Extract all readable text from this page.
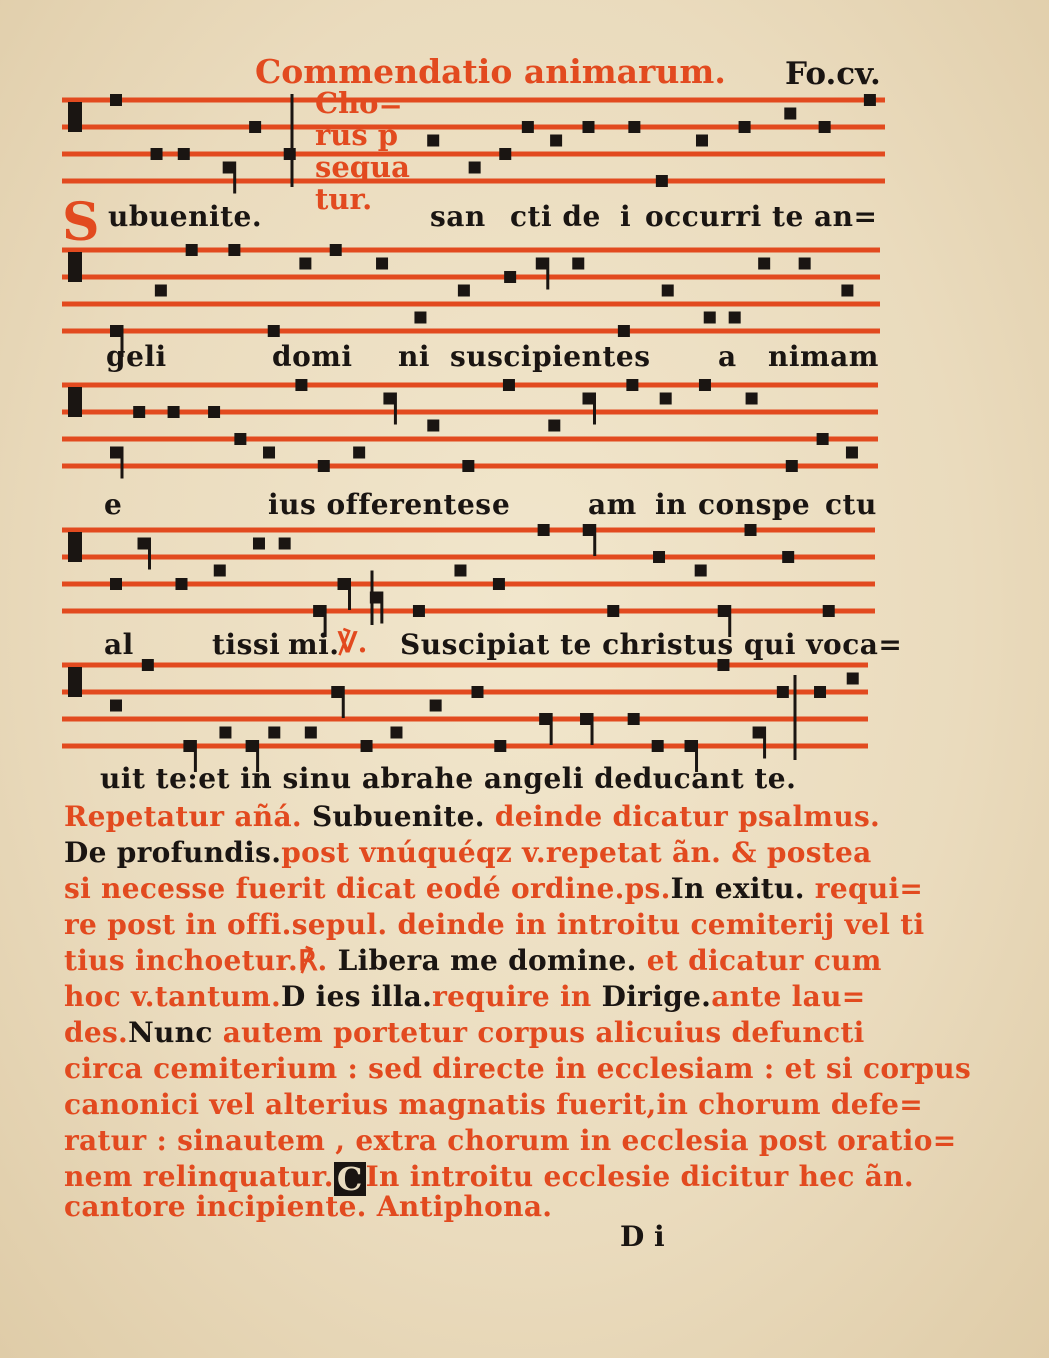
Commendatio animarum. Fo.cv.
Cho=
rus p
sequa
tur.
S ubuenite.	san cti de i occurri te an=
geli	domi ni suscipientes a nimam
e	ius offerentes e	am in conspe ctu
al	tissi mi.
℣. Suscipiat te christus qui voca=
uit te:et in sinu abrahe angeli deducant te.
Repetatur añá. Subuenite. deinde dicatur psalmus.
De profundis.post vnúquéqz v.repetat ãn. & postea
si necesse fuerit dicat eodé ordine.ps.In exitu. requi=
re post in offi.sepul. deinde in introitu cemiterij vel ti
tius inchoetur.℟. Libera me domine. et dicatur cum
hoc v.tantum.D ies illa.require in Dirige.ante lau=
des.Nunc autem portetur corpus alicuius defuncti
circa cemiterium : sed directe in ecclesiam : et si corpus
canonici vel alterius magnatis fuerit,in chorum defe=
ratur : sinautem , extra chorum in ecclesia post oratio=
nem relinquatur.C In introitu ecclesie dicitur hec ãn.
cantore incipiente. Antiphona.
D i
